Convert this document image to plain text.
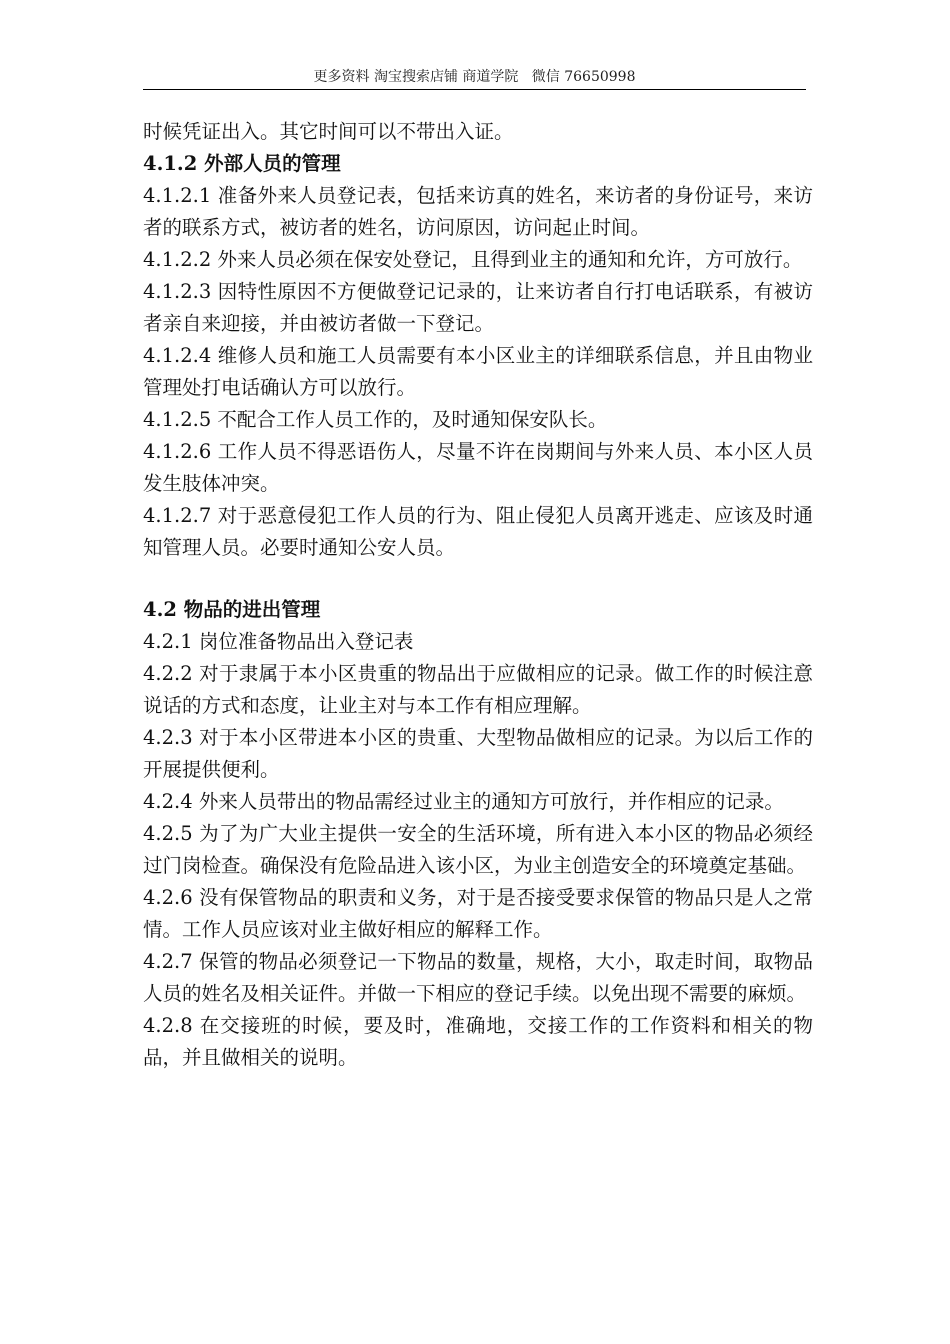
更多资料 淘宝搜索店铺 商道学院   微信 76650998

时候凭证出入。其它时间可以不带出入证。

4.1.2 外部人员的管理

4.1.2.1 准备外来人员登记表，包括来访真的姓名，来访者的身份证号，来访者的联系方式，被访者的姓名，访问原因，访问起止时间。

4.1.2.2 外来人员必须在保安处登记，且得到业主的通知和允许，方可放行。

4.1.2.3 因特性原因不方便做登记记录的，让来访者自行打电话联系，有被访者亲自来迎接，并由被访者做一下登记。

4.1.2.4 维修人员和施工人员需要有本小区业主的详细联系信息，并且由物业管理处打电话确认方可以放行。

4.1.2.5 不配合工作人员工作的，及时通知保安队长。

4.1.2.6 工作人员不得恶语伤人，尽量不许在岗期间与外来人员、本小区人员发生肢体冲突。

4.1.2.7 对于恶意侵犯工作人员的行为、阻止侵犯人员离开逃走、应该及时通知管理人员。必要时通知公安人员。

4.2 物品的进出管理

4.2.1 岗位准备物品出入登记表

4.2.2 对于隶属于本小区贵重的物品出于应做相应的记录。做工作的时候注意说话的方式和态度，让业主对与本工作有相应理解。

4.2.3 对于本小区带进本小区的贵重、大型物品做相应的记录。为以后工作的开展提供便利。

4.2.4 外来人员带出的物品需经过业主的通知方可放行，并作相应的记录。

4.2.5 为了为广大业主提供一安全的生活环境，所有进入本小区的物品必须经过门岗检查。确保没有危险品进入该小区，为业主创造安全的环境奠定基础。

4.2.6 没有保管物品的职责和义务，对于是否接受要求保管的物品只是人之常情。工作人员应该对业主做好相应的解释工作。

4.2.7 保管的物品必须登记一下物品的数量，规格，大小，取走时间，取物品人员的姓名及相关证件。并做一下相应的登记手续。以免出现不需要的麻烦。

4.2.8 在交接班的时候，要及时，准确地，交接工作的工作资料和相关的物品，并且做相关的说明。
